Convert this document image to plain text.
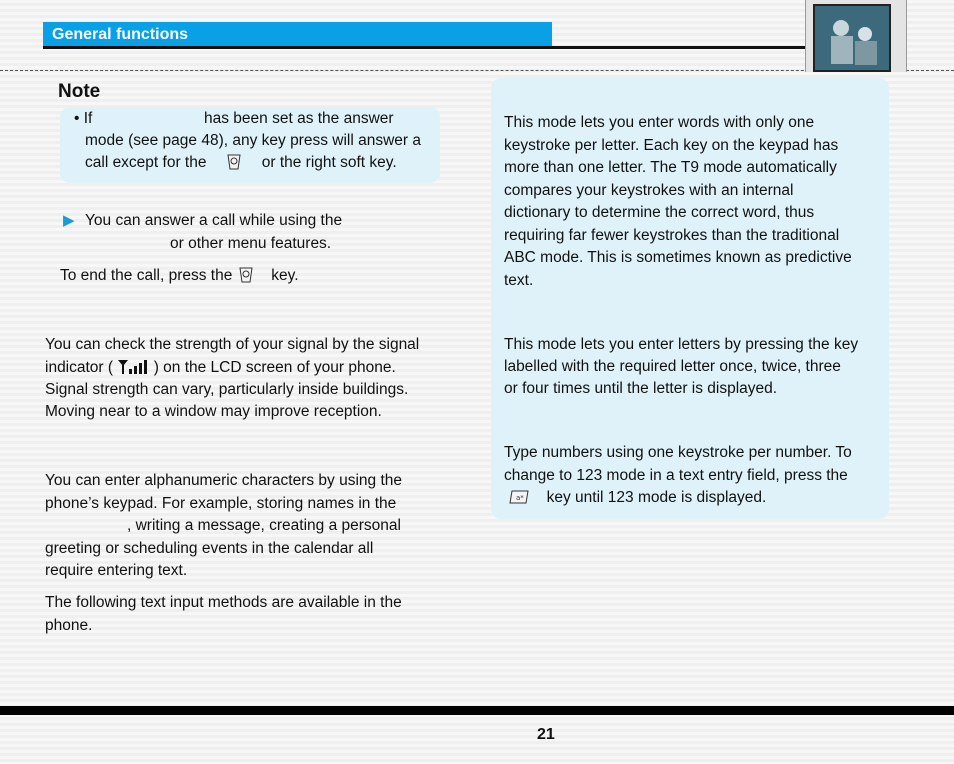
General functions
Note
• If	has been set as the answer
mode (see page 48), any key press will answer a
call except for the	or the right soft key.
▶ You can answer a call while using the
or other menu features.
To end the call, press the	key.
You can check the strength of your signal by the signal
indicator (	) on the LCD screen of your phone.
Signal strength can vary, particularly inside buildings.
Moving near to a window may improve reception.
You can enter alphanumeric characters by using the
phone’s keypad. For example, storing names in the
, writing a message, creating a personal
greeting or scheduling events in the calendar all
require entering text.
The following text input methods are available in the
phone.
This mode lets you enter words with only one
keystroke per letter. Each key on the keypad has
more than one letter. The T9 mode automatically
compares your keystrokes with an internal
dictionary to determine the correct word, thus
requiring far fewer keystrokes than the traditional
ABC mode. This is sometimes known as predictive
text.
This mode lets you enter letters by pressing the key
labelled with the required letter once, twice, three
or four times until the letter is displayed.
Type numbers using one keystroke per number. To
change to 123 mode in a text entry field, press the
a* key until 123 mode is displayed.
21
